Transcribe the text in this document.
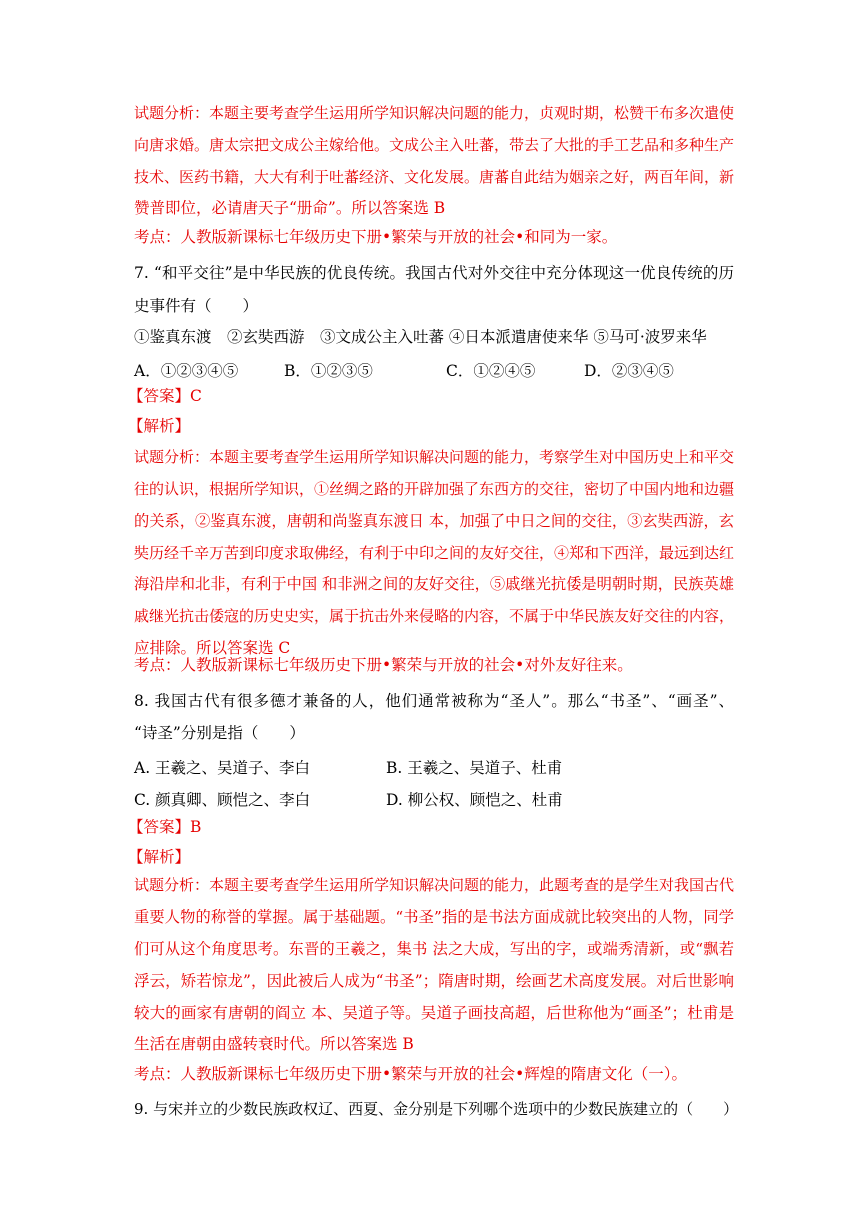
试题分析：本题主要考查学生运用所学知识解决问题的能力，贞观时期，松赞干布多次遣使
向唐求婚。唐太宗把文成公主嫁给他。文成公主入吐蕃，带去了大批的手工艺品和多种生产
技术、医药书籍，大大有利于吐蕃经济、文化发展。唐蕃自此结为姻亲之好，两百年间，新
赞普即位，必请唐天子“册命”。所以答案选 B
考点：人教版新课标七年级历史下册•繁荣与开放的社会•和同为一家。
7. “和平交往”是中华民族的优良传统。我国古代对外交往中充分体现这一优良传统的历
史事件有（　　）
①鉴真东渡　②玄奘西游　③文成公主入吐蕃 ④日本派遣唐使来华 ⑤马可·波罗来华
A．①②③④⑤	B．①②③⑤	C．①②④⑤	D．②③④⑤
【答案】C
【解析】
试题分析：本题主要考查学生运用所学知识解决问题的能力，考察学生对中国历史上和平交
往的认识，根据所学知识，①丝绸之路的开辟加强了东西方的交往，密切了中国内地和边疆
的关系，②鉴真东渡，唐朝和尚鉴真东渡日 本，加强了中日之间的交往，③玄奘西游，玄
奘历经千辛万苦到印度求取佛经，有利于中印之间的友好交往，④郑和下西洋，最远到达红
海沿岸和北非，有利于中国 和非洲之间的友好交往，⑤戚继光抗倭是明朝时期，民族英雄
戚继光抗击倭寇的历史史实，属于抗击外来侵略的内容，不属于中华民族友好交往的内容，
应排除。所以答案选 C
考点：人教版新课标七年级历史下册•繁荣与开放的社会•对外友好往来。
8. 我国古代有很多德才兼备的人，他们通常被称为“圣人”。那么“书圣”、“画圣”、
“诗圣”分别是指（　　）
A. 王羲之、吴道子、李白	B. 王羲之、吴道子、杜甫
C. 颜真卿、顾恺之、李白	D. 柳公权、顾恺之、杜甫
【答案】B
【解析】
试题分析：本题主要考查学生运用所学知识解决问题的能力，此题考查的是学生对我国古代
重要人物的称誉的掌握。属于基础题。“书圣”指的是书法方面成就比较突出的人物，同学
们可从这个角度思考。东晋的王羲之，集书 法之大成，写出的字，或端秀清新，或“飘若
浮云，矫若惊龙”，因此被后人成为“书圣”；隋唐时期，绘画艺术高度发展。对后世影响
较大的画家有唐朝的阎立 本、吴道子等。吴道子画技高超，后世称他为“画圣”；杜甫是
生活在唐朝由盛转衰时代。所以答案选 B
考点：人教版新课标七年级历史下册•繁荣与开放的社会•辉煌的隋唐文化（一）。
9. 与宋并立的少数民族政权辽、西夏、金分别是下列哪个选项中的少数民族建立的（　　）
